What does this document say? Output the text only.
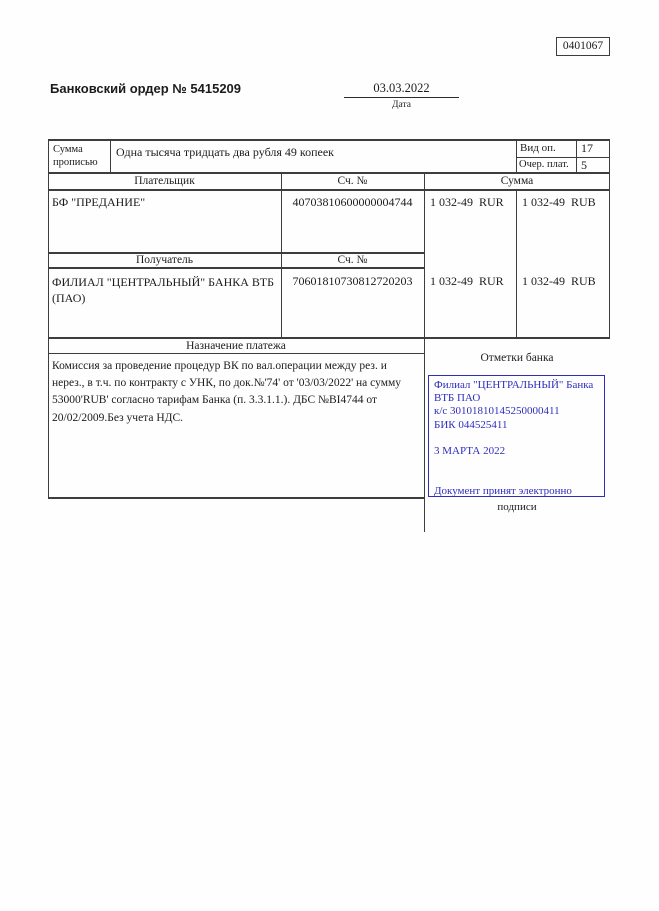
0401067
Банковский ордер № 5415209	03.03.2022
Дата
Сумма прописью
Одна тысяча тридцать два рубля 49 копеек	Вид оп. 17
Очер. плат. 5
Плательщик	Сч. №	Сумма
БФ "ПРЕДАНИЕ"	40703810600000004744	1 032-49  RUR 1 032-49  RUB
Получатель	Сч. №
ФИЛИАЛ "ЦЕНТРАЛЬНЫЙ" БАНКА ВТБ (ПАО)
70601810730812720203	1 032-49  RUR 1 032-49  RUB
Назначение платежа
Комиссия за проведение процедур ВК по вал.операции между рез. и нерез., в т.ч. по контракту с УНК, по док.№'74' от '03/03/2022' на сумму 53000'RUB' согласно тарифам Банка (п. 3.3.1.1.). ДБС №ВI4744 от 20/02/2009.Без учета НДС.
Отметки банка
Филиал "ЦЕНТРАЛЬНЫЙ" Банка
ВТБ ПАО
к/с 30101810145250000411
БИК 044525411
3 МАРТА 2022
Документ принят электронно
подписи
